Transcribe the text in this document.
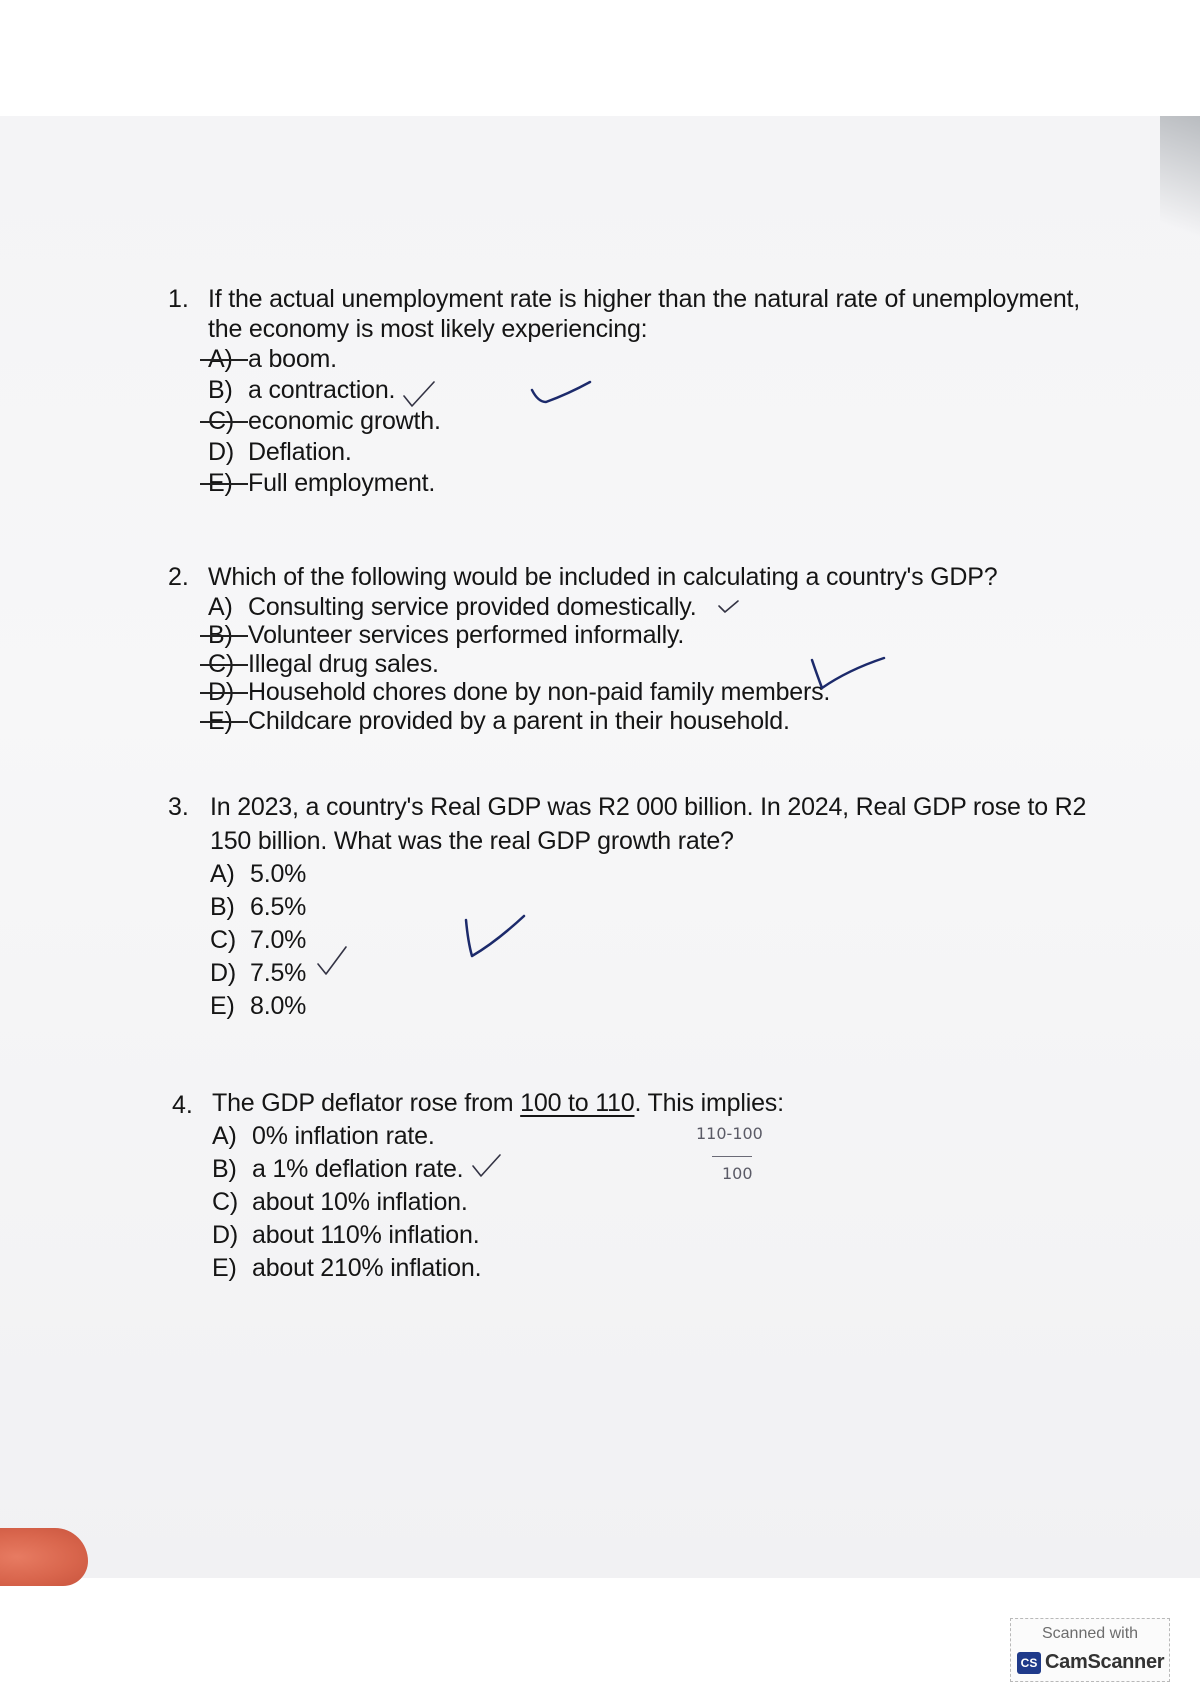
1. If the actual unemployment rate is higher than the natural rate of unemployment,
the economy is most likely experiencing:
A) a boom.
B) a contraction.
C) economic growth.
D) Deflation.
E) Full employment.
2. Which of the following would be included in calculating a country's GDP?
A) Consulting service provided domestically.
B) Volunteer services performed informally.
C) Illegal drug sales.
D) Household chores done by non-paid family members.
E) Childcare provided by a parent in their household.
3. In 2023, a country's Real GDP was R2 000 billion. In 2024, Real GDP rose to R2
150 billion. What was the real GDP growth rate?
A) 5.0%
B) 6.5%
C) 7.0%
D) 7.5%
E) 8.0%
4. The GDP deflator rose from 100 to 110. This implies:
A) 0% inflation rate.
B) a 1% deflation rate.
C) about 10% inflation.
D) about 110% inflation.
E) about 210% inflation.
110-100
100
Scanned with
CS CamScanner
